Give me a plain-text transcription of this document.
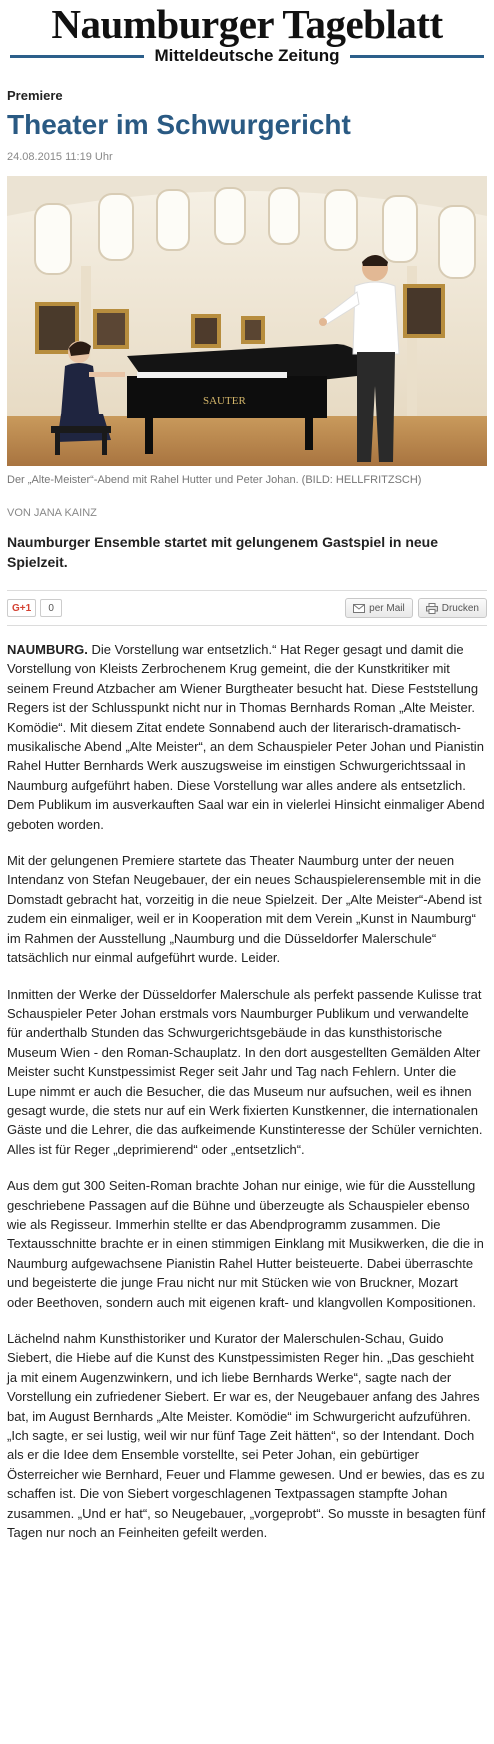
Naumburger Tageblatt
Mitteldeutsche Zeitung
Premiere
Theater im Schwurgericht
24.08.2015 11:19 Uhr
SAUTER
Der „Alte-Meister“-Abend mit Rahel Hutter und Peter Johan. (BILD: HELLFRITZSCH)
VON JANA KAINZ
Naumburger Ensemble startet mit gelungenem Gastspiel in neue Spielzeit.
G+1	0	per Mail	Drucken

NAUMBURG. Die Vorstellung war entsetzlich.“ Hat Reger gesagt und damit die Vorstellung von Kleists Zerbrochenem Krug gemeint, die der Kunstkritiker mit seinem Freund Atzbacher am Wiener Burgtheater besucht hat. Diese Feststellung Regers ist der Schlusspunkt nicht nur in Thomas Bernhards Roman „Alte Meister. Komödie“. Mit diesem Zitat endete Sonnabend auch der literarisch-dramatisch-musikalische Abend „Alte Meister“, an dem Schauspieler Peter Johan und Pianistin Rahel Hutter Bernhards Werk auszugsweise im einstigen Schwurgerichtssaal in Naumburg aufgeführt haben. Diese Vorstellung war alles andere als entsetzlich. Dem Publikum im ausverkauften Saal war ein in vielerlei Hinsicht einmaliger Abend geboten worden.

Mit der gelungenen Premiere startete das Theater Naumburg unter der neuen Intendanz von Stefan Neugebauer, der ein neues Schauspielerensemble mit in die Domstadt gebracht hat, vorzeitig in die neue Spielzeit. Der „Alte Meister“-Abend ist zudem ein einmaliger, weil er in Kooperation mit dem Verein „Kunst in Naumburg“ im Rahmen der Ausstellung „Naumburg und die Düsseldorfer Malerschule“ tatsächlich nur einmal aufgeführt wurde. Leider.

Inmitten der Werke der Düsseldorfer Malerschule als perfekt passende Kulisse trat Schauspieler Peter Johan erstmals vors Naumburger Publikum und verwandelte für anderthalb Stunden das Schwurgerichtsgebäude in das kunsthistorische Museum Wien - den Roman-Schauplatz. In den dort ausgestellten Gemälden Alter Meister sucht Kunstpessimist Reger seit Jahr und Tag nach Fehlern. Unter die Lupe nimmt er auch die Besucher, die das Museum nur aufsuchen, weil es ihnen gesagt wurde, die stets nur auf ein Werk fixierten Kunstkenner, die internationalen Gäste und die Lehrer, die das aufkeimende Kunstinteresse der Schüler vernichten. Alles ist für Reger „deprimierend“ oder „entsetzlich“.

Aus dem gut 300 Seiten-Roman brachte Johan nur einige, wie für die Ausstellung geschriebene Passagen auf die Bühne und überzeugte als Schauspieler ebenso wie als Regisseur. Immerhin stellte er das Abendprogramm zusammen. Die Textausschnitte brachte er in einen stimmigen Einklang mit Musikwerken, die die in Naumburg aufgewachsene Pianistin Rahel Hutter beisteuerte. Dabei überraschte und begeisterte die junge Frau nicht nur mit Stücken wie von Bruckner, Mozart oder Beethoven, sondern auch mit eigenen kraft- und klangvollen Kompositionen.

Lächelnd nahm Kunsthistoriker und Kurator der Malerschulen-Schau, Guido Siebert, die Hiebe auf die Kunst des Kunstpessimisten Reger hin. „Das geschieht ja mit einem Augenzwinkern, und ich liebe Bernhards Werke“, sagte nach der Vorstellung ein zufriedener Siebert. Er war es, der Neugebauer anfang des Jahres bat, im August Bernhards „Alte Meister. Komödie“ im Schwurgericht aufzuführen. „Ich sagte, er sei lustig, weil wir nur fünf Tage Zeit hätten“, so der Intendant. Doch als er die Idee dem Ensemble vorstellte, sei Peter Johan, ein gebürtiger Österreicher wie Bernhard, Feuer und Flamme gewesen. Und er bewies, das es zu schaffen ist. Die von Siebert vorgeschlagenen Textpassagen stampfte Johan zusammen. „Und er hat“, so Neugebauer, „vorgeprobt“. So musste in besagten fünf Tagen nur noch an Feinheiten gefeilt werden.
